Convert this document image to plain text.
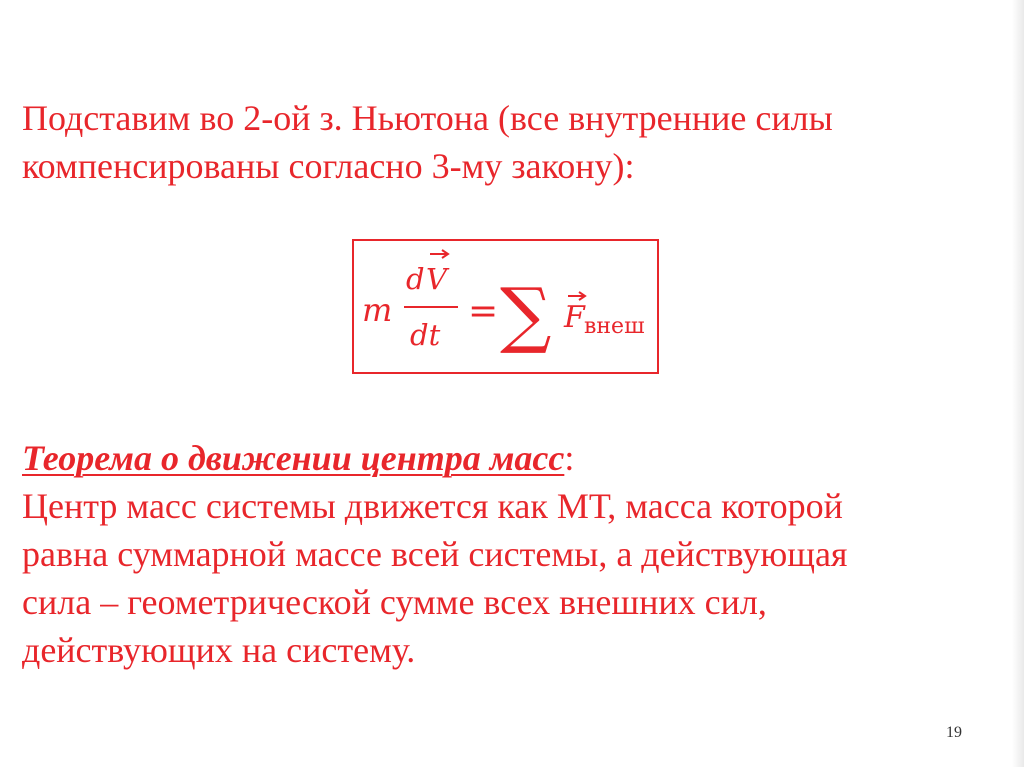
Подставим во 2-ой з. Ньютона (все внутренние силы
компенсированы согласно 3-му закону):
m
d V
dt
= ∑ F внеш
Теорема о движении центра масс:
Центр масс системы движется как МТ, масса которой
равна суммарной массе всей системы, а действующая
сила – геометрической сумме всех внешних сил,
действующих на систему.
19
